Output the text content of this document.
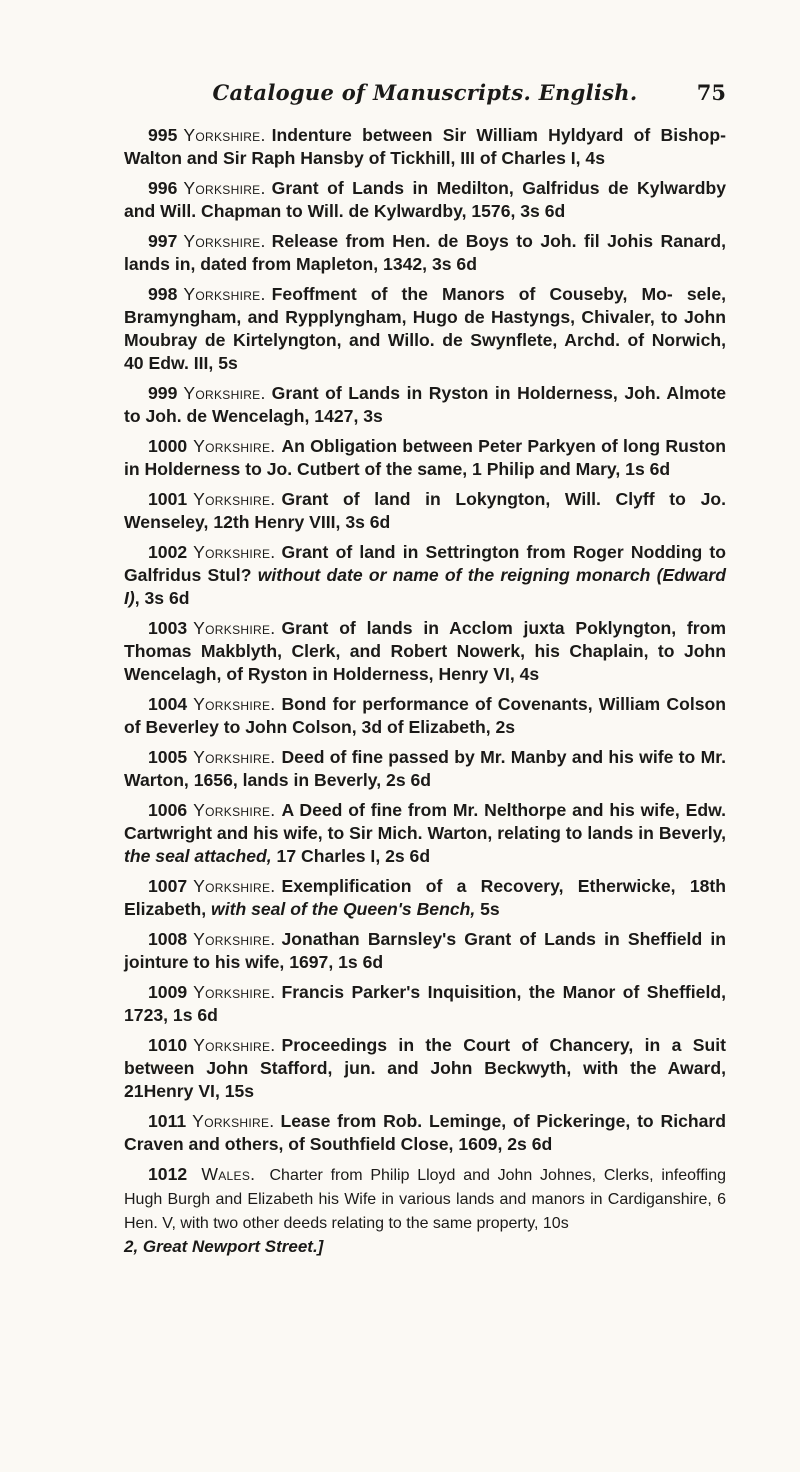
Catalogue of Manuscripts. English.	75

995 Yorkshire. Indenture between Sir William Hyldyard of Bishop-Walton and Sir Raph Hansby of Tickhill, III of Charles I, 4s

996 Yorkshire. Grant of Lands in Medilton, Galfridus de Kylwardby and Will. Chapman to Will. de Kylwardby, 1576, 3s 6d

997 Yorkshire. Release from Hen. de Boys to Joh. fil Johis Ranard, lands in, dated from Mapleton, 1342, 3s 6d

998 Yorkshire. Feoffment of the Manors of Couseby, Mo- sele, Bramyngham, and Rypplyngham, Hugo de Hastyngs, Chivaler, to John Moubray de Kirtelyngton, and Willo. de Swynflete, Archd. of Norwich, 40 Edw. III, 5s

999 Yorkshire. Grant of Lands in Ryston in Holderness, Joh. Almote to Joh. de Wencelagh, 1427, 3s

1000 Yorkshire. An Obligation between Peter Parkyen of long Ruston in Holderness to Jo. Cutbert of the same, 1 Philip and Mary, 1s 6d

1001 Yorkshire. Grant of land in Lokyngton, Will. Clyff to Jo. Wenseley, 12th Henry VIII, 3s 6d

1002 Yorkshire. Grant of land in Settrington from Roger Nodding to Galfridus Stul? without date or name of the reigning monarch (Edward I), 3s 6d

1003 Yorkshire. Grant of lands in Acclom juxta Poklyngton, from Thomas Makblyth, Clerk, and Robert Nowerk, his Chaplain, to John Wencelagh, of Ryston in Holderness, Henry VI, 4s

1004 Yorkshire. Bond for performance of Covenants, William Colson of Beverley to John Colson, 3d of Elizabeth, 2s

1005 Yorkshire. Deed of fine passed by Mr. Manby and his wife to Mr. Warton, 1656, lands in Beverly, 2s 6d

1006 Yorkshire. A Deed of fine from Mr. Nelthorpe and his wife, Edw. Cartwright and his wife, to Sir Mich. Warton, relating to lands in Beverly, the seal attached, 17 Charles I, 2s 6d

1007 Yorkshire. Exemplification of a Recovery, Etherwicke, 18th Elizabeth, with seal of the Queen's Bench, 5s

1008 Yorkshire. Jonathan Barnsley's Grant of Lands in Sheffield in jointure to his wife, 1697, 1s 6d

1009 Yorkshire. Francis Parker's Inquisition, the Manor of Sheffield, 1723, 1s 6d

1010 Yorkshire. Proceedings in the Court of Chancery, in a Suit between John Stafford, jun. and John Beckwyth, with the Award, 21Henry VI, 15s

1011 Yorkshire. Lease from Rob. Leminge, of Pickeringe, to Richard Craven and others, of Southfield Close, 1609, 2s 6d

1012 Wales. Charter from Philip Lloyd and John Johnes, Clerks, infeoffing Hugh Burgh and Elizabeth his Wife in various lands and manors in Cardiganshire, 6 Hen. V, with two other deeds relating to the same property, 10s
2, Great Newport Street.]
